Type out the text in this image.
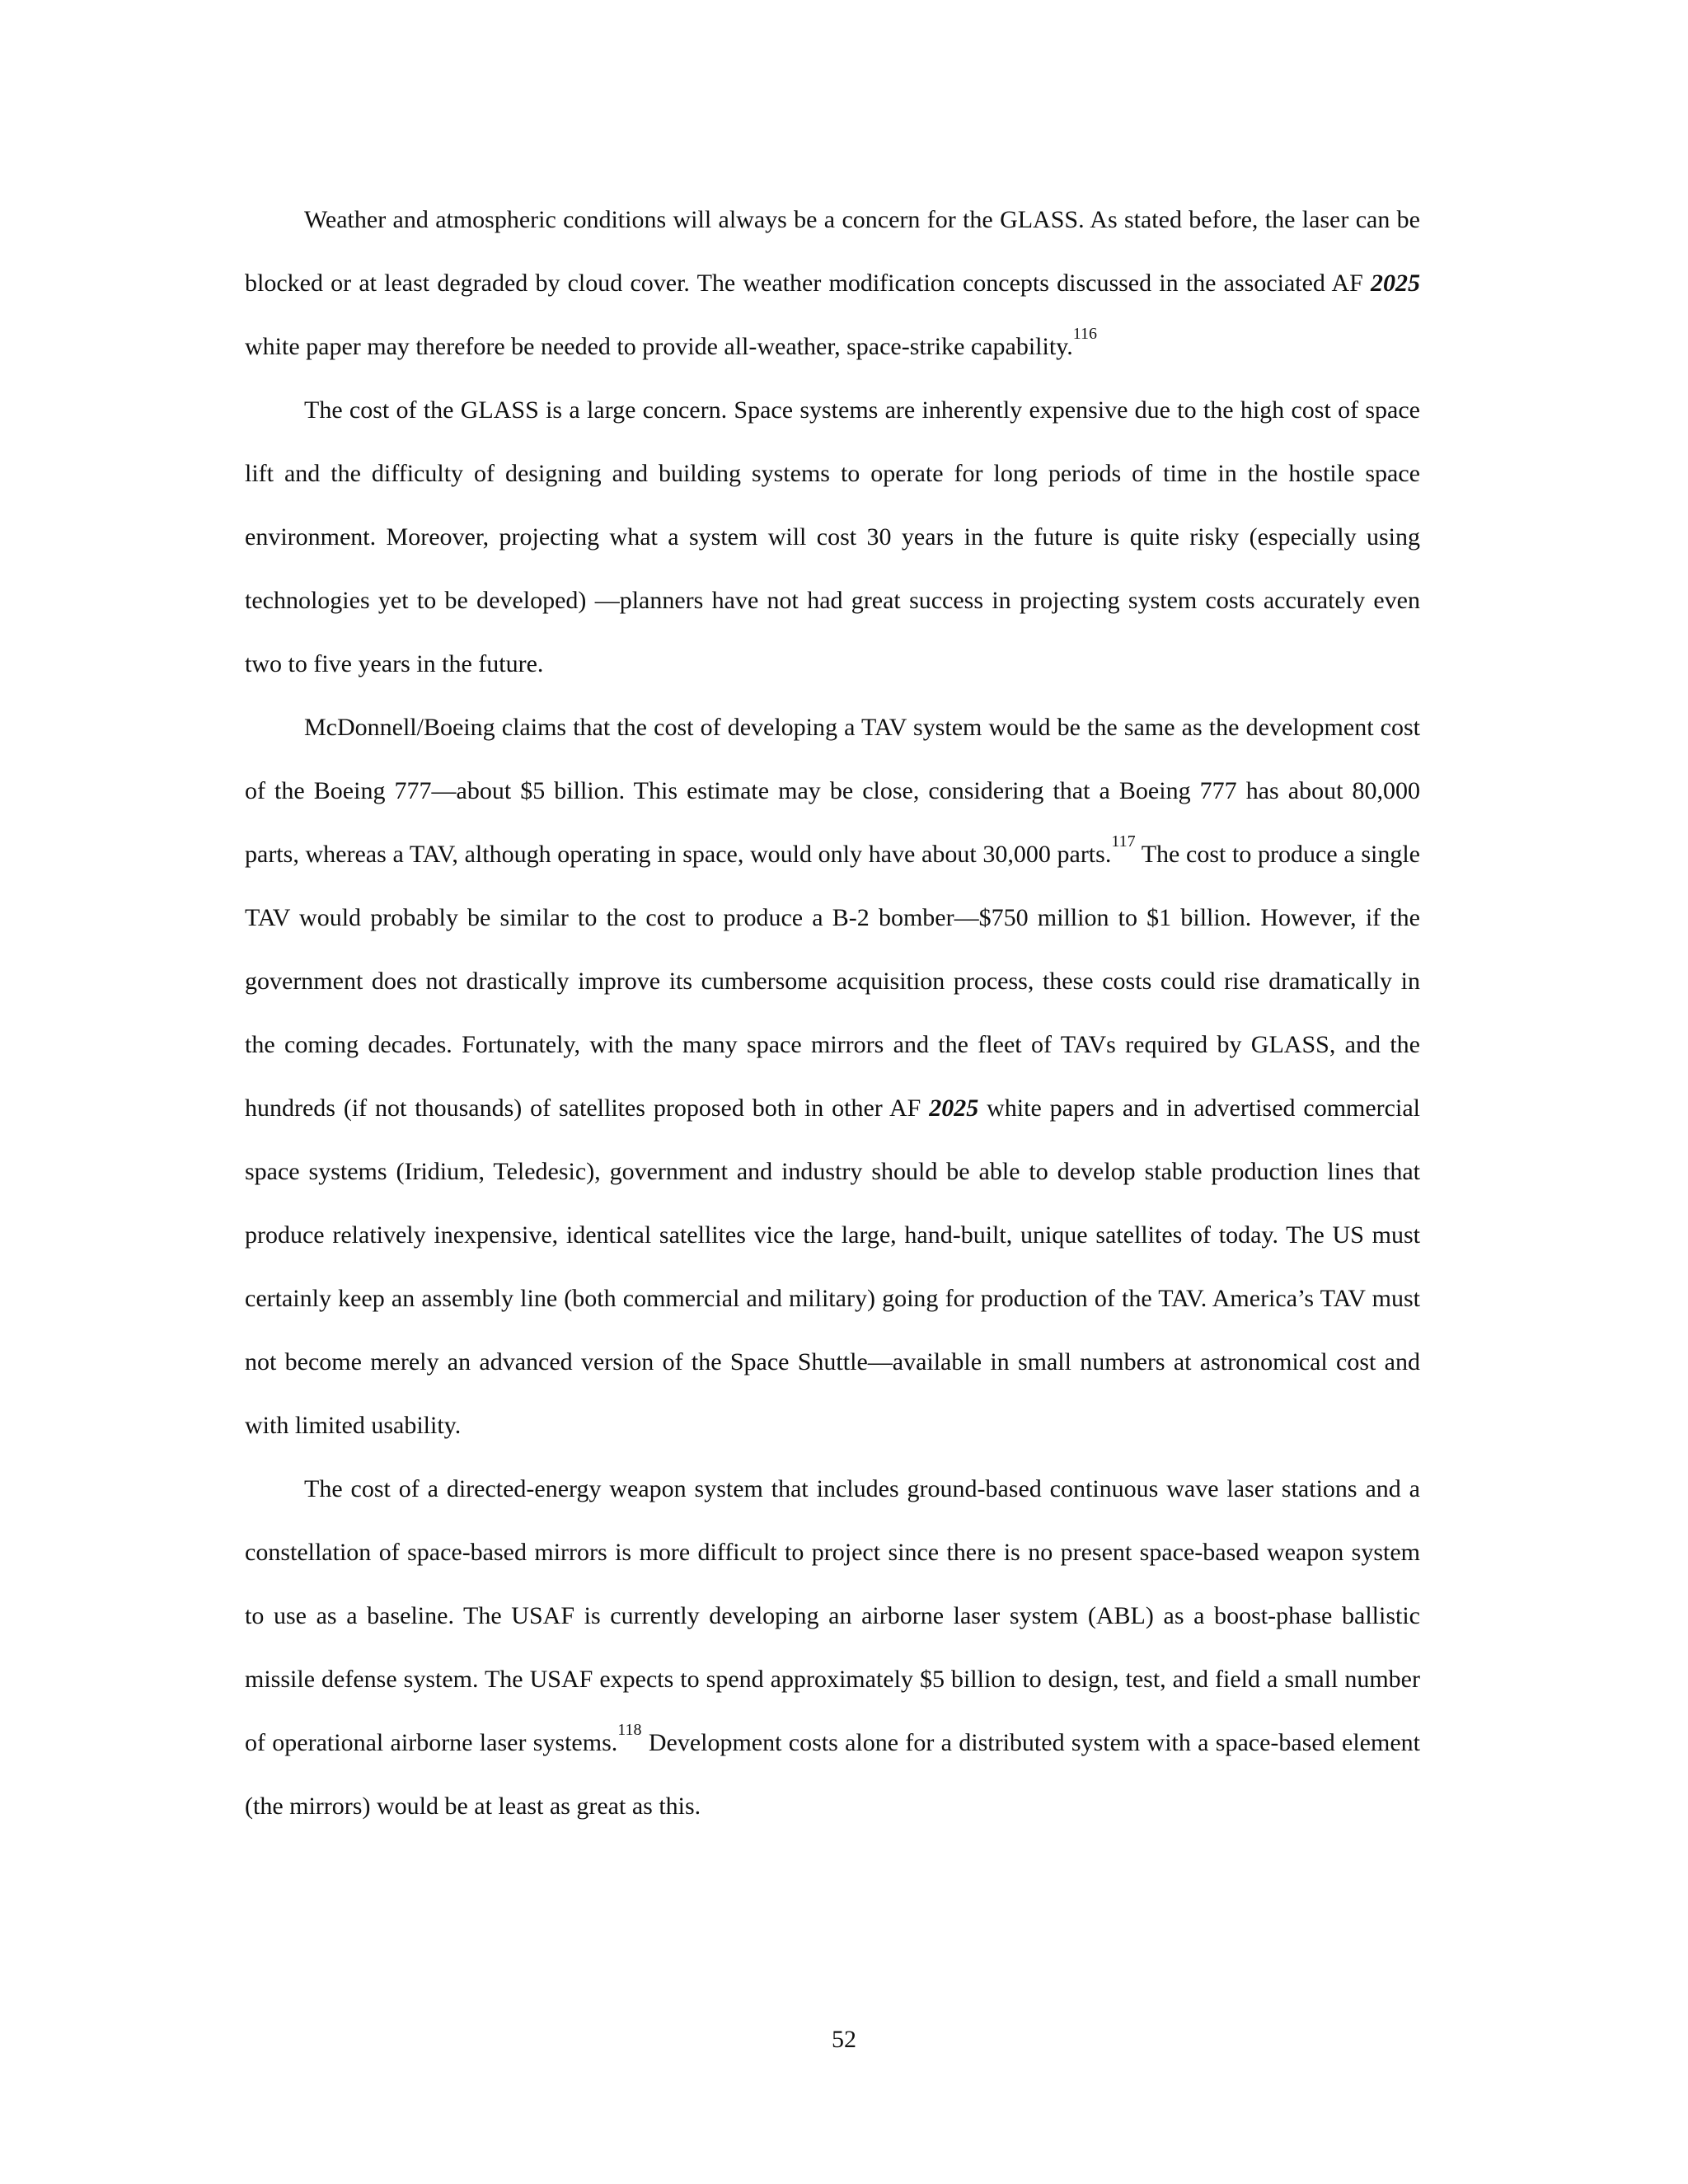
Weather and atmospheric conditions will always be a concern for the GLASS. As stated before, the laser can be blocked or at least degraded by cloud cover. The weather modification concepts discussed in the associated AF 2025 white paper may therefore be needed to provide all-weather, space-strike capability.$^{116}$

The cost of the GLASS is a large concern. Space systems are inherently expensive due to the high cost of space lift and the difficulty of designing and building systems to operate for long periods of time in the hostile space environment. Moreover, projecting what a system will cost 30 years in the future is quite risky (especially using technologies yet to be developed) —planners have not had great success in projecting system costs accurately even two to five years in the future.

McDonnell/Boeing claims that the cost of developing a TAV system would be the same as the development cost of the Boeing 777—about $5 billion. This estimate may be close, considering that a Boeing 777 has about 80,000 parts, whereas a TAV, although operating in space, would only have about 30,000 parts.$^{117}$ The cost to produce a single TAV would probably be similar to the cost to produce a B-2 bomber—$750 million to $1 billion. However, if the government does not drastically improve its cumbersome acquisition process, these costs could rise dramatically in the coming decades. Fortunately, with the many space mirrors and the fleet of TAVs required by GLASS, and the hundreds (if not thousands) of satellites proposed both in other AF 2025 white papers and in advertised commercial space systems (Iridium, Teledesic), government and industry should be able to develop stable production lines that produce relatively inexpensive, identical satellites vice the large, hand-built, unique satellites of today. The US must certainly keep an assembly line (both commercial and military) going for production of the TAV. America’s TAV must not become merely an advanced version of the Space Shuttle—available in small numbers at astronomical cost and with limited usability.

The cost of a directed-energy weapon system that includes ground-based continuous wave laser stations and a constellation of space-based mirrors is more difficult to project since there is no present space-based weapon system to use as a baseline. The USAF is currently developing an airborne laser system (ABL) as a boost-phase ballistic missile defense system. The USAF expects to spend approximately $5 billion to design, test, and field a small number of operational airborne laser systems.$^{118}$ Development costs alone for a distributed system with a space-based element (the mirrors) would be at least as great as this.

52
